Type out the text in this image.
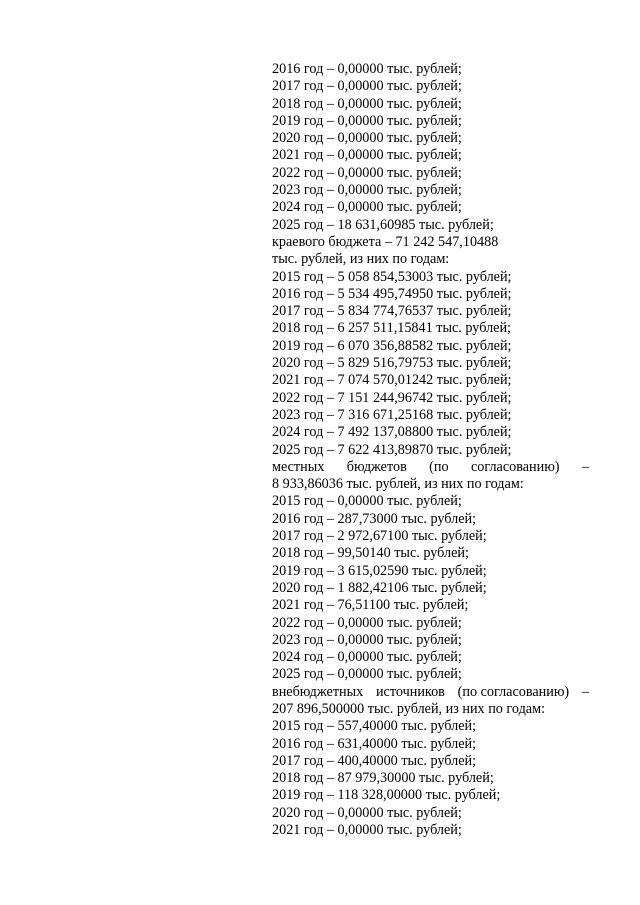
2016 год – 0,00000 тыс. рублей;
2017 год – 0,00000 тыс. рублей;
2018 год – 0,00000 тыс. рублей;
2019 год – 0,00000 тыс. рублей;
2020 год – 0,00000 тыс. рублей;
2021 год – 0,00000 тыс. рублей;
2022 год – 0,00000 тыс. рублей;
2023 год – 0,00000 тыс. рублей;
2024 год – 0,00000 тыс. рублей;
2025 год – 18 631,60985 тыс. рублей;
краевого бюджета – 71 242 547,10488
тыс. рублей, из них по годам:
2015 год – 5 058 854,53003 тыс. рублей;
2016 год – 5 534 495,74950 тыс. рублей;
2017 год – 5 834 774,76537 тыс. рублей;
2018 год – 6 257 511,15841 тыс. рублей;
2019 год – 6 070 356,88582 тыс. рублей;
2020 год – 5 829 516,79753 тыс. рублей;
2021 год – 7 074 570,01242 тыс. рублей;
2022 год – 7 151 244,96742 тыс. рублей;
2023 год – 7 316 671,25168 тыс. рублей;
2024 год – 7 492 137,08800 тыс. рублей;
2025 год – 7 622 413,89870 тыс. рублей;
местных бюджетов (по согласованию) –
8 933,86036 тыс. рублей, из них по годам:
2015 год – 0,00000 тыс. рублей;
2016 год – 287,73000 тыс. рублей;
2017 год – 2 972,67100 тыс. рублей;
2018 год – 99,50140 тыс. рублей;
2019 год – 3 615,02590 тыс. рублей;
2020 год – 1 882,42106 тыс. рублей;
2021 год – 76,51100 тыс. рублей;
2022 год – 0,00000 тыс. рублей;
2023 год – 0,00000 тыс. рублей;
2024 год – 0,00000 тыс. рублей;
2025 год – 0,00000 тыс. рублей;
внебюджетных источников (по согласованию) –
207 896,500000 тыс. рублей, из них по годам:
2015 год – 557,40000 тыс. рублей;
2016 год – 631,40000 тыс. рублей;
2017 год – 400,40000 тыс. рублей;
2018 год – 87 979,30000 тыс. рублей;
2019 год – 118 328,00000 тыс. рублей;
2020 год – 0,00000 тыс. рублей;
2021 год – 0,00000 тыс. рублей;
